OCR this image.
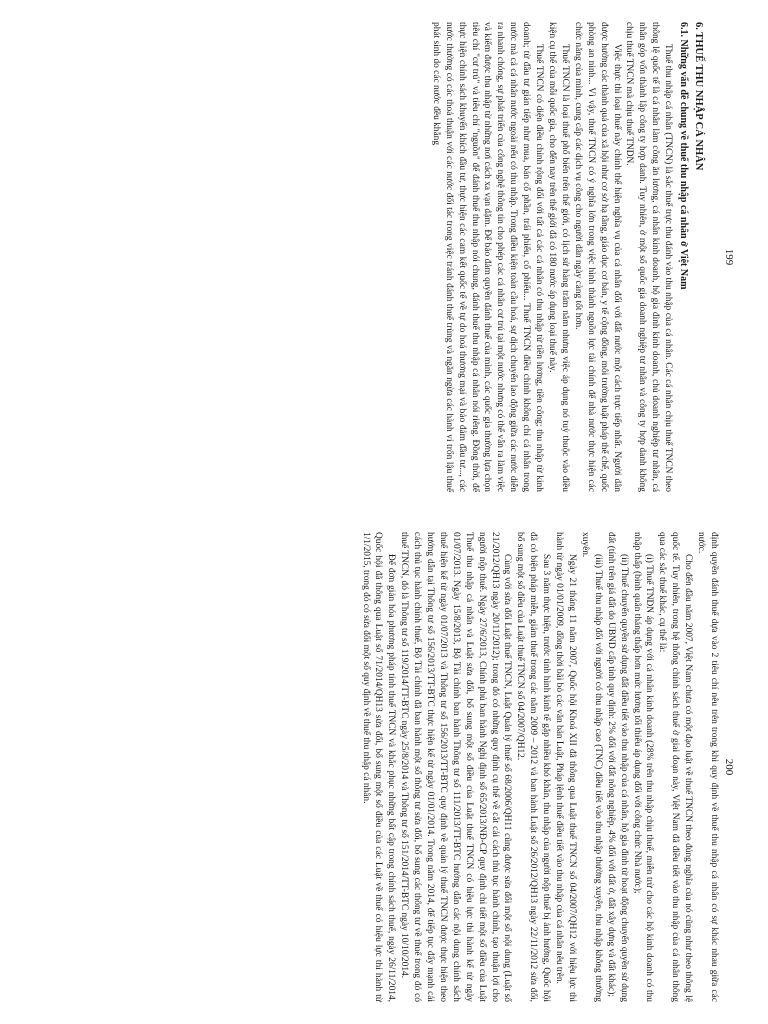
199
6. THUẾ THU NHẬP CÁ NHÂN
6.1. Những vấn đề chung về thuế thu nhập cá nhân ở Việt Nam

Thuế thu nhập cá nhân (TNCN) là sắc thuế trực thu đánh vào thu nhập của cá nhân. Các cá nhân chịu thuế TNCN theo thông lệ quốc tế là cá nhân làm công ăn lương, cá nhân kinh doanh, hộ gia đình kinh doanh, chủ doanh nghiệp tư nhân, cá nhân góp vốn thành lập công ty hợp danh. Tuy nhiên, ở một số quốc gia doanh nghiệp tư nhân và công ty hợp danh không chịu thuế TNCN mà chịu thuế TNDN.

Việc thực thi loại thuế này chính thể hiện nghĩa vụ của cá nhân đối với đất nước một cách trực tiếp nhất. Người dân được hưởng các thành quả của xã hội như cơ sở hạ tầng, giáo dục cơ bản, y tế cộng đồng, môi trường luật pháp thể chế, quốc phòng an ninh... Vì vậy, thuế TNCN có ý nghĩa lớn trong việc hình thành nguồn lực tài chính để nhà nước thực hiện các chức năng của mình, cung cấp các dịch vụ công cho người dân ngày càng tốt hơn.

Thuế TNCN là loại thuế phổ biến trên thế giới, có lịch sử hàng trăm năm nhưng việc áp dụng nó tuỳ thuộc vào điều kiện cụ thể của mỗi quốc gia, cho đến nay trên thế giới đã có 180 nước áp dụng loại thuế này.

Thuế TNCN có diện điều chỉnh rộng đối với tất cả các cá nhân có thu nhập từ tiền lương, tiền công; thu nhập từ kinh doanh; từ đầu tư gián tiếp như mua, bán cổ phần, trái phiếu, cổ phiếu... Thuế TNCN điều chỉnh không chỉ cá nhân trong nước mà cả cá nhân nước ngoài nếu có thu nhập. Trong điều kiện toàn cầu hoá, sự dịch chuyển lao động giữa các nước diễn ra nhanh chóng, sự phát triển của công nghệ thông tin cho phép các cá nhân cư trú tại một nước nhưng có thể vẫn ra làm việc và kiếm được thu nhập từ những nơi cách xa vạn dặm. Để bảo đảm quyền đánh thuế của mình, các quốc gia thường lựa chọn tiêu chí "cư trú" và tiêu chí "nguồn" để đánh thuế thu nhập nói chung, đánh thuế thu nhập cá nhân nói riêng. Đồng thời, để thực hiện chính sách khuyến khích đầu tư, thực hiện các cam kết quốc tế về tự do hoá thương mại và bảo đảm đầu tư..., các nước thường có các thoả thuận với các nước đối tác trong việc tránh đánh thuế trùng và ngăn ngừa các hành vi trốn lậu thuế phát sinh do các nước đều khẳng

200

định quyền đánh thuế dựa vào 2 tiêu chí nêu trên trong khi quy định về thuế thu nhập cá nhân có sự khác nhau giữa các nước.

Cho đến đầu năm 2007, Việt Nam chưa có một đạo luật về thuế TNCN theo đúng nghĩa của nó cũng như theo thông lệ quốc tế. Tuy nhiên, trong hệ thống chính sách thuế ở giai đoạn này, Việt Nam đã điều tiết vào thu nhập của cá nhân thông qua các sắc thuế khác, cụ thể là:

(i) Thuế TNDN áp dụng với cá nhân kinh doanh (28% trên thu nhập chịu thuế, miễn trừ cho các hộ kinh doanh có thu nhập thấp (bình quân tháng thấp hơn mức lương tối thiểu áp dụng đối với công chức Nhà nước);

(ii) Thuế chuyển quyền sử dụng đất điều tiết vào thu nhập của cá nhân, hộ gia đình từ hoạt động chuyển quyền sử dụng đất (tính trên giá đất do UBND cấp tỉnh quy định: 2% đối với đất nông nghiệp, 4% đối với đất ở, đất xây dựng và đất khác);

(iii) Thuế thu nhập đối với người có thu nhập cao (TNC) điều tiết vào thu nhập thường xuyên, thu nhập không thường xuyên.

Ngày 21 tháng 11 năm 2007, Quốc hội Khoá XII đã thông qua Luật thuế TNCN số 04/2007/QH12 với hiệu lực thi hành từ ngày 01/01/2009, đồng thời bãi bỏ các văn bản Luật, Pháp lệnh thuế điều tiết vào thu nhập của cá nhân nêu trên.

Sau 3 năm thực hiện, trước tình hình kinh tế gặp nhiều khó khăn, thu nhập của người nộp thuế bị ảnh hưởng, Quốc hội đã có biện pháp miễn, giảm thuế trong các năm 2009 – 2012 và ban hành Luật số 26/2012/QH13 ngày 22/11/2012 sửa đổi, bổ sung một số điều của Luật thuế TNCN số 04/2007/QH12.

Cùng với sửa đổi Luật thuế TNCN, Luật Quản lý thuế số 68/2006/QH11 cũng được sửa đổi một số nội dung (Luật số 21/2012/QH13 ngày 20/11/2012); trong đó có những quy định cụ thể về cắt cải cách thủ tục hành chính, tạo thuận lợi cho người nộp thuế. Ngày 27/6/2013, Chính phủ ban hành Nghị định số 65/2013/NĐ-CP quy định chi tiết một số điều của Luật Thuế thu nhập cá nhân và Luật sửa đổi, bổ sung một số điều của Luật thuế TNCN có hiệu lực thi hành kể từ ngày 01/07/2013. Ngày 15/8/2013, Bộ Tài chính ban hành Thông tư số 111/2013/TT-BTC hướng dẫn các nội dung chính sách thuế hiện kể từ ngày 01/07/2013 và Thông tư số 156/2013/TT-BTC quy định về quản lý thuế TNCN được thực hiện theo hướng dẫn tại Thông tư số 156/2013/TT-BTC thực hiện kể từ ngày 01/01/2014. Trong năm 2014, để tiếp tục đẩy mạnh cải cách thủ tục hành chính thuế, Bộ Tài chính đã ban hành một số thông tư sửa đổi, bổ sung các thông tư về thuế trong đó có thuế TNCN, đó là Thông tư số 119/2014/TT-BTC ngày 25/8/2014 và Thông tư số 151/2014/TT-BTC ngày 10/10/2014.

Để đơn giản hóa phương pháp tính thuế TNCN và khắc phục những bất cập trong chính sách thuế, ngày 26/11/2014, Quốc hội đã thông qua Luật số 71/2014/QH13 sửa đổi, bổ sung một số điều của các Luật về thuế có hiệu lực thi hành từ 1/1/2015, trong đó có sửa đổi một số quy định về thuế thu nhập cá nhân.
